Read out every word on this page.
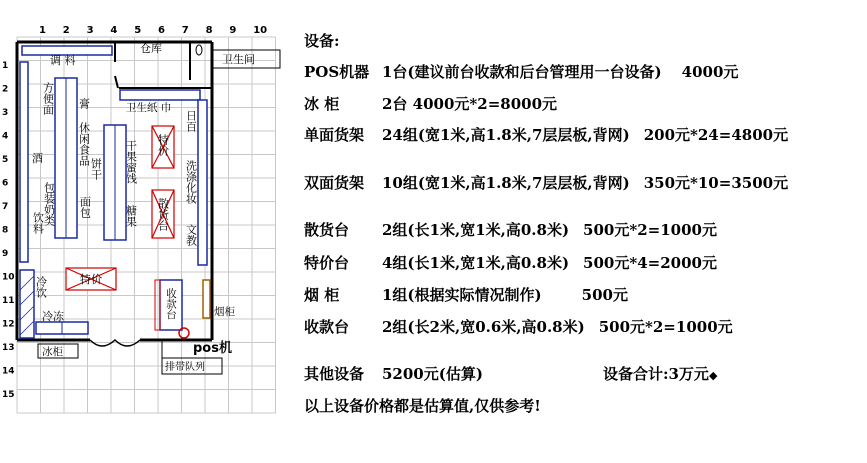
1 2 3 4 5 6 7 8 9 10
1
2
3
4
5
6
7
8
9
10
11
12
13
14
15
仓库
卫生间
调 料
卫生纸 巾
膏 休闲食品
方便面
酒
饮料
包装奶类
饼干
面包
干果蜜饯
糖果
特价
散货台
日百
洗涤化妆
文教
特价
冷饮
冷冻
冰柜
收款台	烟柜
pos机
排带队列
设备:
POS机器 1台(建议前台收款和后台管理用一台设备) 4000元
冰 柜	2台 4000元*2=8000元
单面货架 24组(宽1米,高1.8米,7层层板,背网) 200元*24=4800元
双面货架 10组(宽1米,高1.8米,7层层板,背网) 350元*10=3500元
散货台 2组(长1米,宽1米,高0.8米) 500元*2=1000元
特价台 4组(长1米,宽1米,高0.8米) 500元*4=2000元
烟 柜	1组(根据实际情况制作)	500元
收款台 2组(长2米,宽0.6米,高0.8米) 500元*2=1000元
其他设备 5200元(估算)	设备合计:3万元◆
以上设备价格都是估算值,仅供参考!
